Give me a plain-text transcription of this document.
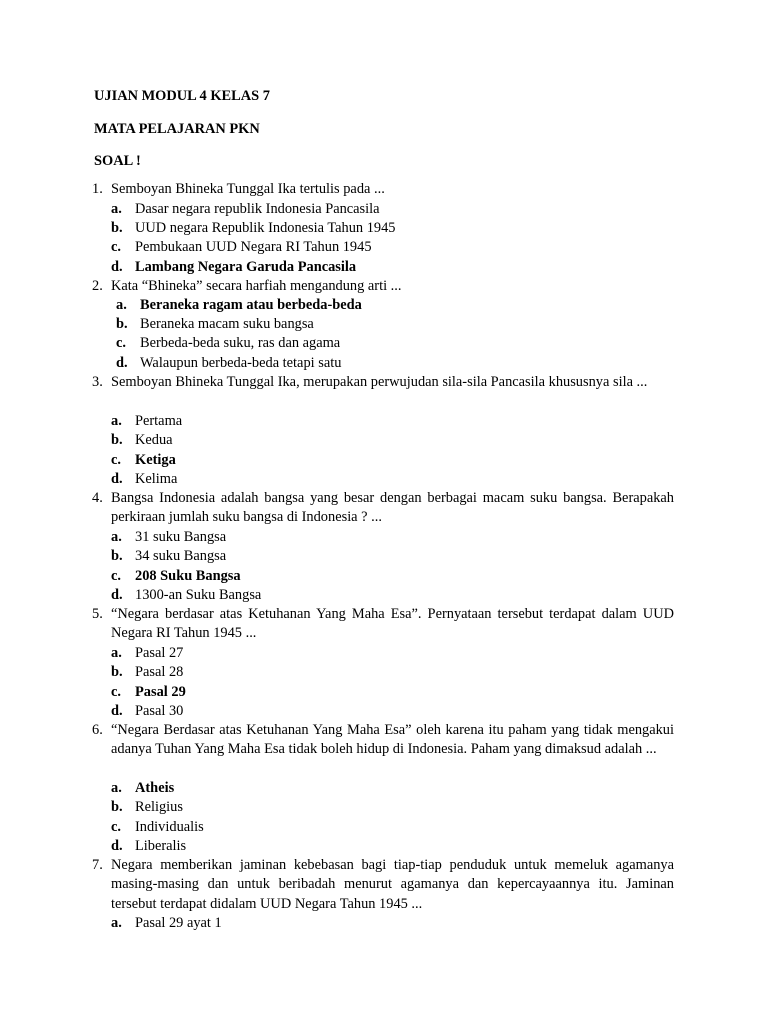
UJIAN MODUL 4 KELAS 7
MATA PELAJARAN PKN
SOAL !
1. Semboyan Bhineka Tunggal Ika tertulis pada ...
a. Dasar negara republik Indonesia Pancasila
b. UUD negara Republik Indonesia Tahun 1945
c. Pembukaan UUD Negara RI Tahun 1945
d. Lambang Negara Garuda Pancasila
2. Kata “Bhineka” secara harfiah mengandung arti ...
a. Beraneka ragam atau berbeda-beda
b. Beraneka macam suku bangsa
c. Berbeda-beda suku, ras dan agama
d. Walaupun berbeda-beda tetapi satu
3. Semboyan Bhineka Tunggal Ika, merupakan perwujudan sila-sila Pancasila khususnya sila ...
a. Pertama
b. Kedua
c. Ketiga
d. Kelima
4. Bangsa Indonesia adalah bangsa yang besar dengan berbagai macam suku bangsa. Berapakah perkiraan jumlah suku bangsa di Indonesia ? ...
a. 31 suku Bangsa
b. 34 suku Bangsa
c. 208 Suku Bangsa
d. 1300-an Suku Bangsa
5. “Negara berdasar atas Ketuhanan Yang Maha Esa”. Pernyataan tersebut terdapat dalam UUD Negara RI Tahun 1945 ...
a. Pasal 27
b. Pasal 28
c. Pasal 29
d. Pasal 30
6. “Negara Berdasar atas Ketuhanan Yang Maha Esa” oleh karena itu paham yang tidak mengakui adanya Tuhan Yang Maha Esa tidak boleh hidup di Indonesia. Paham yang dimaksud adalah ...
a. Atheis
b. Religius
c. Individualis
d. Liberalis
7. Negara memberikan jaminan kebebasan bagi tiap-tiap penduduk untuk memeluk agamanya masing-masing dan untuk beribadah menurut agamanya dan kepercayaannya itu. Jaminan tersebut terdapat didalam UUD Negara Tahun 1945 ...
a. Pasal 29 ayat 1
